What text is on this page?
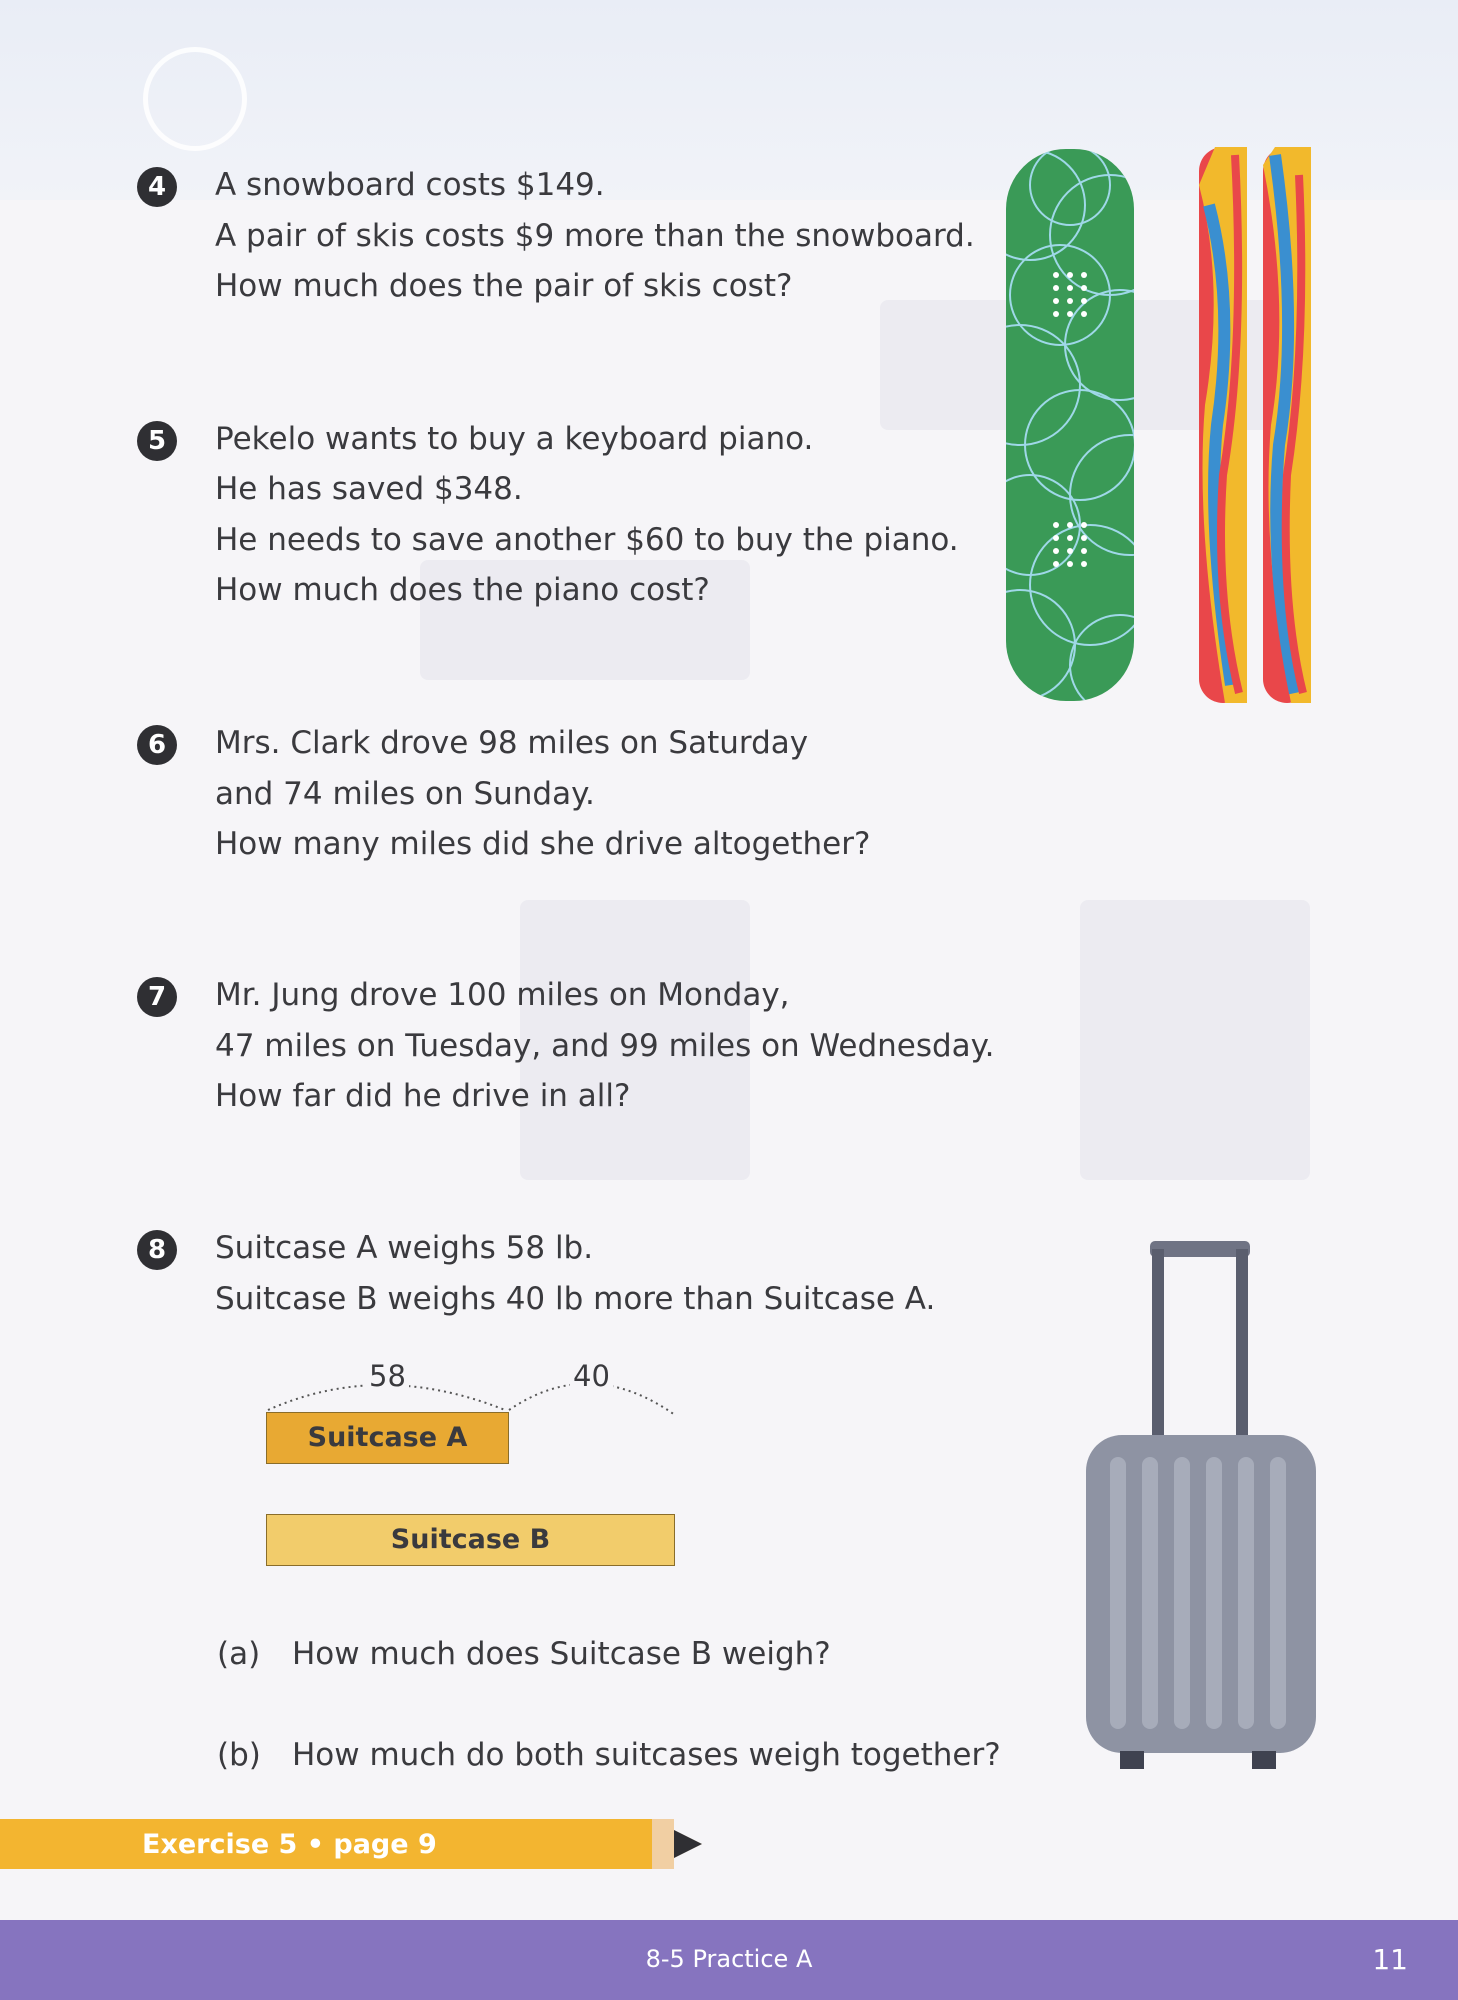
4	A snowboard costs $149.
A pair of skis costs $9 more than the snowboard.
How much does the pair of skis cost?
5	Pekelo wants to buy a keyboard piano.
He has saved $348.
He needs to save another $60 to buy the piano.
How much does the piano cost?
6	Mrs. Clark drove 98 miles on Saturday
and 74 miles on Sunday.
How many miles did she drive altogether?
7	Mr. Jung drove 100 miles on Monday,
47 miles on Tuesday, and 99 miles on Wednesday.
How far did he drive in all?
8	Suitcase A weighs 58 lb.
Suitcase B weighs 40 lb more than Suitcase A.
58	40
Suitcase A
Suitcase B
(a) How much does Suitcase B weigh?
(b) How much do both suitcases weigh together?
Exercise 5 • page 9
8-5 Practice A	11
